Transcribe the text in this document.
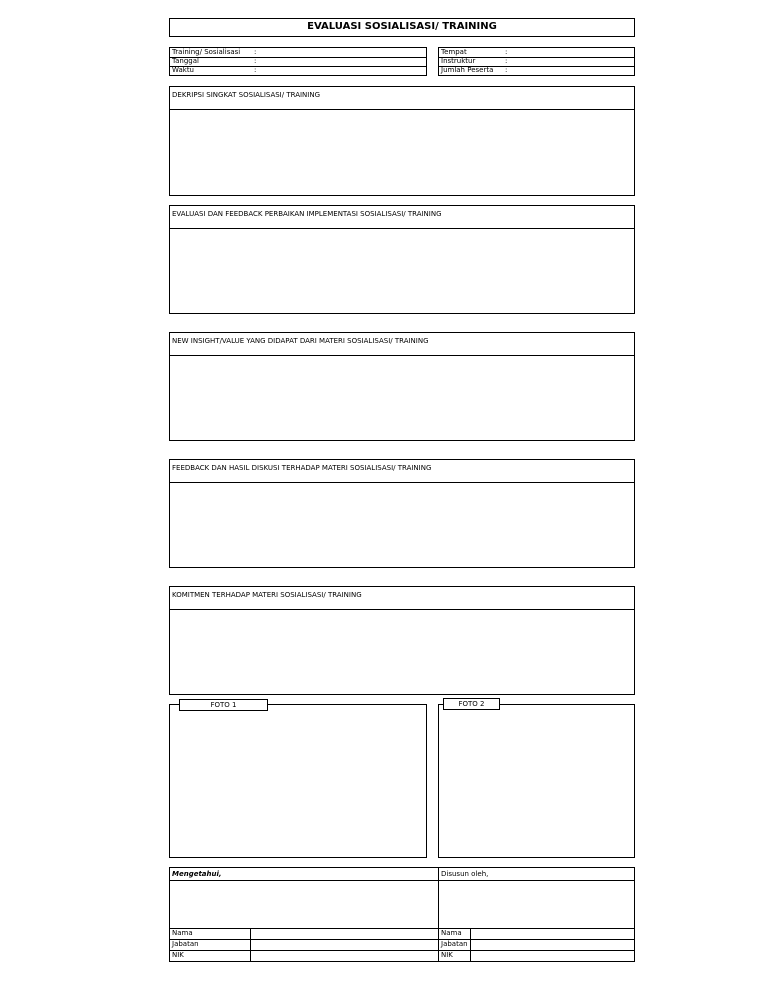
EVALUASI SOSIALISASI/ TRAINING
Training/ Sosialisasi :
Tanggal	:
Waktu	:
Tempat	:
Instruktur	:
Jumlah Peserta :
DEKRIPSI SINGKAT SOSIALISASI/ TRAINING
EVALUASI DAN FEEDBACK PERBAIKAN IMPLEMENTASI SOSIALISASI/ TRAINING
NEW INSIGHT/VALUE YANG DIDAPAT DARI MATERI SOSIALISASI/ TRAINING
FEEDBACK DAN HASIL DISKUSI TERHADAP MATERI SOSIALISASI/ TRAINING
KOMITMEN TERHADAP MATERI SOSIALISASI/ TRAINING
FOTO 1	FOTO 2
Mengetahui,	Disusun oleh,
Nama
Jabatan
NIK
Nama
Jabatan
NIK
